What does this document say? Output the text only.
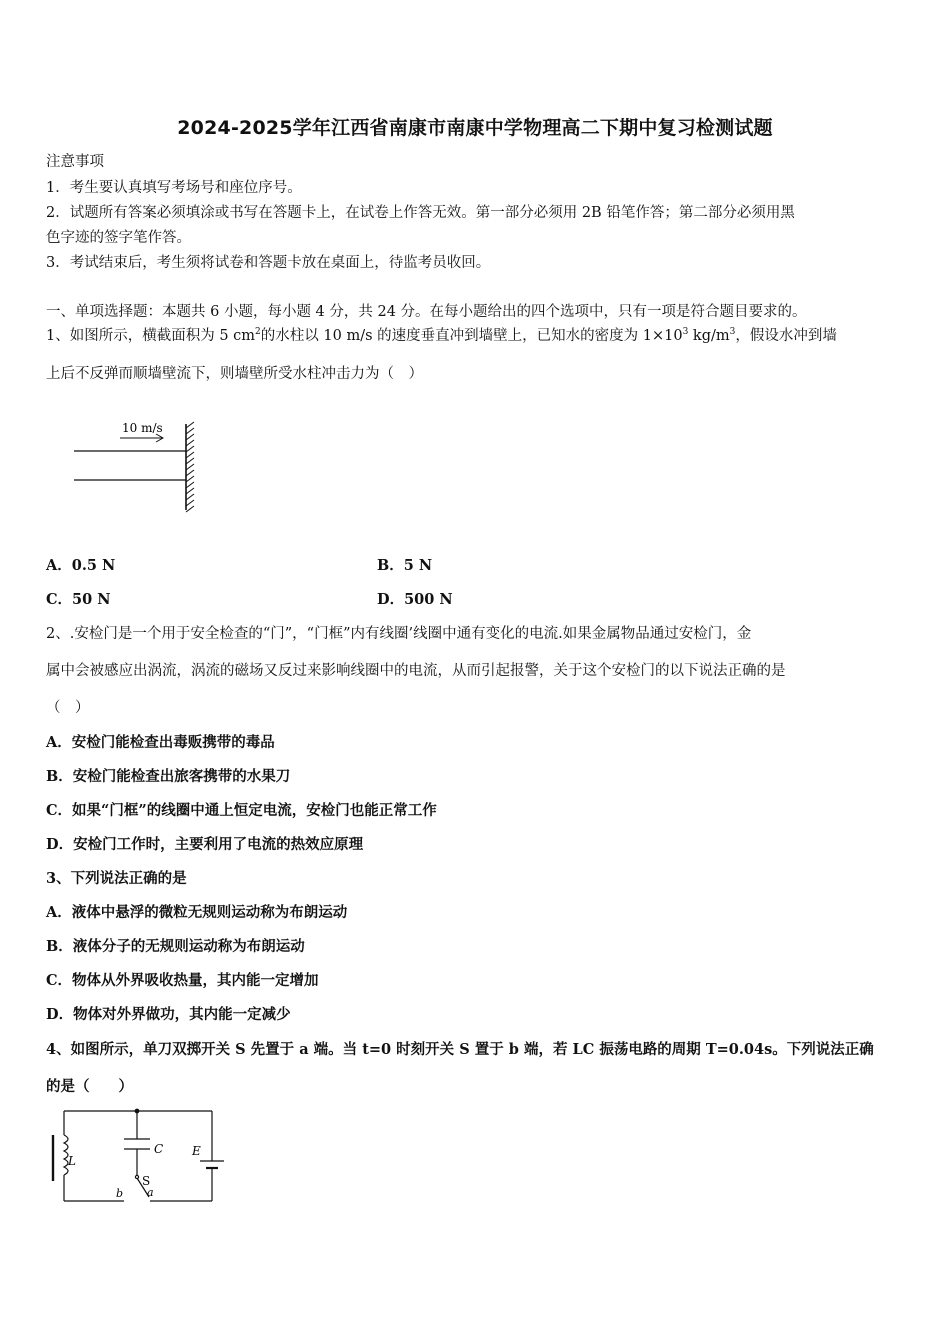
2024-2025学年江西省南康市南康中学物理高二下期中复习检测试题
注意事项
1．考生要认真填写考场号和座位序号。
2．试题所有答案必须填涂或书写在答题卡上，在试卷上作答无效。第一部分必须用 2B 铅笔作答；第二部分必须用黑
色字迹的签字笔作答。
3．考试结束后，考生须将试卷和答题卡放在桌面上，待监考员收回。
一、单项选择题：本题共 6 小题，每小题 4 分，共 24 分。在每小题给出的四个选项中，只有一项是符合题目要求的。
1、如图所示，横截面积为 5 $cm^2$的水柱以 10 m/s 的速度垂直冲到墙壁上，已知水的密度为 $1\times 10^3$ $kg/m^3$，假设水冲到墙
上后不反弹而顺墙壁流下，则墙壁所受水柱冲击力为（　）
10 m/s
A．0.5 N	B．5 N
C．50 N	D．500 N
2、.安检门是一个用于安全检查的“门”，“门框”内有线圈’线圈中通有变化的电流.如果金属物品通过安检门，金
属中会被感应出涡流，涡流的磁场又反过来影响线圈中的电流，从而引起报警，关于这个安检门的以下说法正确的是
（　）
A．安检门能检查出毒贩携带的毒品
B．安检门能检查出旅客携带的水果刀
C．如果“门框”的线圈中通上恒定电流，安检门也能正常工作
D．安检门工作时，主要利用了电流的热效应原理
3、下列说法正确的是
A．液体中悬浮的微粒无规则运动称为布朗运动
B．液体分子的无规则运动称为布朗运动
C．物体从外界吸收热量，其内能一定增加
D．物体对外界做功，其内能一定减少
4、如图所示，单刀双掷开关 S 先置于 a 端。当 t=0 时刻开关 S 置于 b 端，若 LC 振荡电路的周期 T=0.04s。下列说法正确
的是（　　）
L
C E
S
a
b
